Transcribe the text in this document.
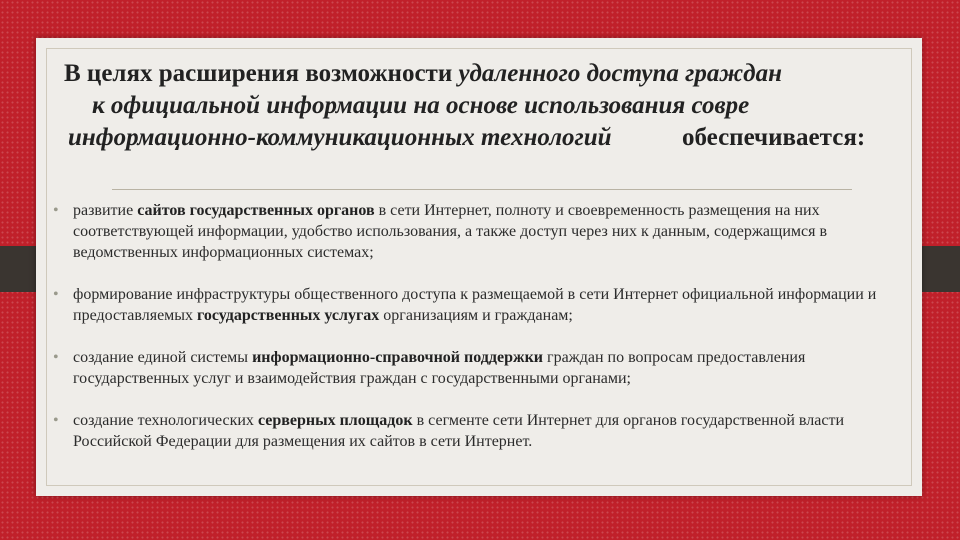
В целях расширения возможности удаленного доступа граждан
к официальной информации на основе использования совре
информационно-коммуникационных технологий	обеспечивается:
• развитие сайтов государственных органов в сети Интернет, полноту и своевременность размещения на них соответствующей информации, удобство использования, а также доступ через них к данным, содержащимся в ведомственных информационных системах;
• формирование инфраструктуры общественного доступа к размещаемой в сети Интернет официальной информации и предоставляемых государственных услугах организациям и гражданам;
• создание единой системы информационно-справочной поддержки граждан по вопросам предоставления государственных услуг и взаимодействия граждан с государственными органами;
• создание технологических серверных площадок в сегменте сети Интернет для органов государственной власти Российской Федерации для размещения их сайтов в сети Интернет.
